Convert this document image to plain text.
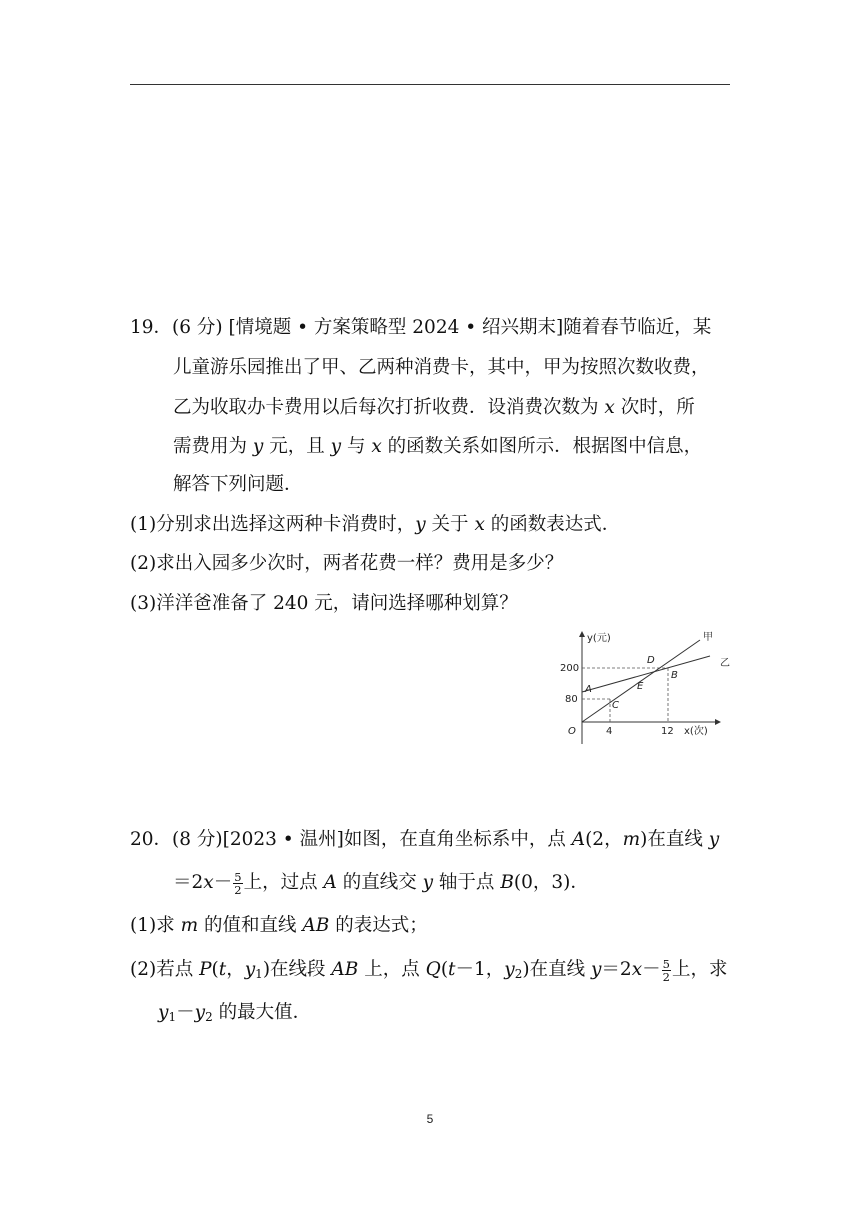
19．(6 分) [情境题 • 方案策略型 2024 • 绍兴期末]随着春节临近，某
儿童游乐园推出了甲、乙两种消费卡，其中，甲为按照次数收费，
乙为收取办卡费用以后每次打折收费．设消费次数为 x 次时，所
需费用为 y 元，且 y 与 x 的函数关系如图所示．根据图中信息，
解答下列问题．
(1)分别求出选择这两种卡消费时，y 关于 x 的函数表达式．
(2)求出入园多少次时，两者花费一样？费用是多少？
(3)洋洋爸准备了 240 元，请问选择哪种划算？
y(元)
x(次)
O
200
80
4	12
甲
乙
A
B
C
D
E
20．(8 分)[2023 • 温州]如图，在直角坐标系中，点 A(2，m)在直线 y
$=2x- \frac{5}{2}$ 上，过点 A 的直线交 y 轴于点 B(0，3)．
(1)求 m 的值和直线 AB 的表达式；
(2)若点 P(t，$y_1$)在线段 AB 上，点 Q(t－1，$y_2$)在直线 $y=2x- \frac{5}{2}$ 上，求
$y_1-y_2$ 的最大值．
5
